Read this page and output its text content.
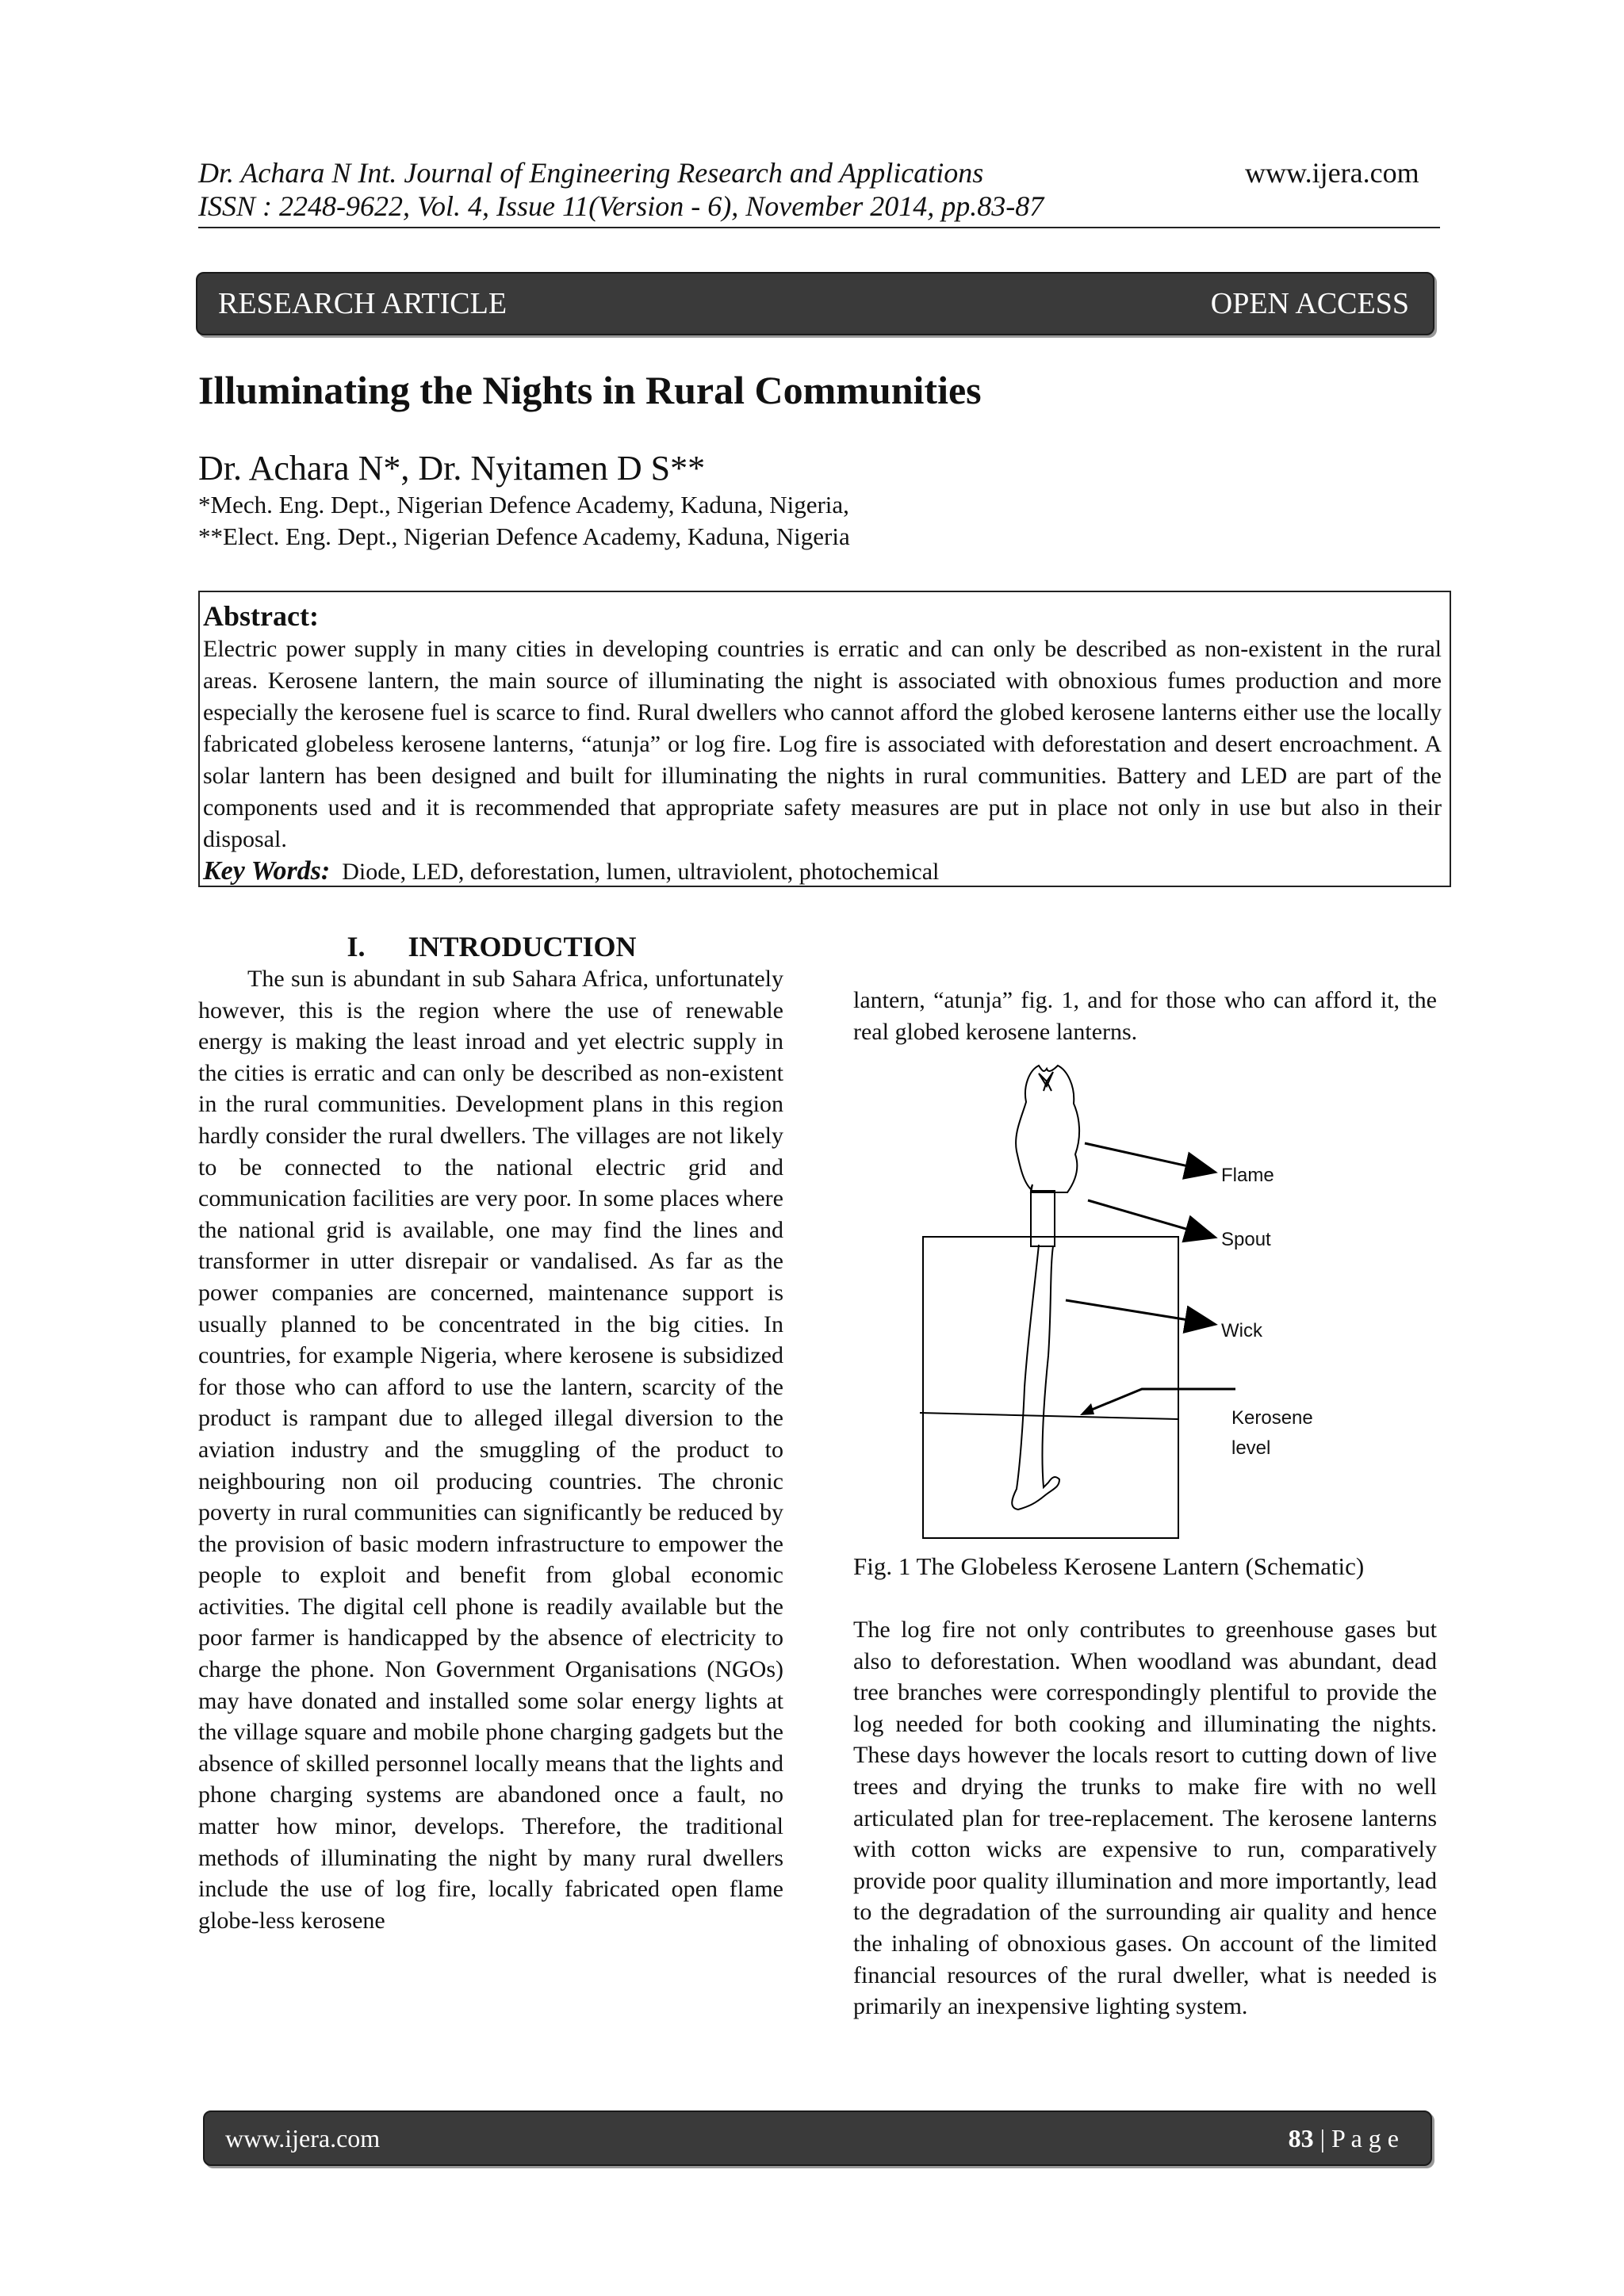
Dr. Achara N Int. Journal of Engineering Research and Applications	www.ijera.com
ISSN : 2248-9622, Vol. 4, Issue 11(Version - 6), November 2014, pp.83-87
RESEARCH ARTICLE	OPEN ACCESS
Illuminating the Nights in Rural Communities
Dr. Achara N*, Dr. Nyitamen D S**
*Mech. Eng. Dept., Nigerian Defence Academy, Kaduna, Nigeria,
**Elect. Eng. Dept., Nigerian Defence Academy, Kaduna, Nigeria
Abstract:

Electric power supply in many cities in developing countries is erratic and can only be described as non-existent in the rural areas. Kerosene lantern, the main source of illuminating the night is associated with obnoxious fumes production and more especially the kerosene fuel is scarce to find. Rural dwellers who cannot afford the globed kerosene lanterns either use the locally fabricated globeless kerosene lanterns, “atunja” or log fire. Log fire is associated with deforestation and desert encroachment. A solar lantern has been designed and built for illuminating the nights in rural communities. Battery and LED are part of the components used and it is recommended that appropriate safety measures are put in place not only in use but also in their disposal.

Key Words: Diode, LED, deforestation, lumen, ultraviolent, photochemical
I.      INTRODUCTION

The sun is abundant in sub Sahara Africa, unfortunately however, this is the region where the use of renewable energy is making the least inroad and yet electric supply in the cities is erratic and can only be described as non-existent in the rural communities. Development plans in this region hardly consider the rural dwellers. The villages are not likely to be connected to the national electric grid and communication facilities are very poor. In some places where the national grid is available, one may find the lines and transformer in utter disrepair or vandalised. As far as the power companies are concerned, maintenance support is usually planned to be concentrated in the big cities. In countries, for example Nigeria, where kerosene is subsidized for those who can afford to use the lantern, scarcity of the product is rampant due to alleged illegal diversion to the aviation industry and the smuggling of the product to neighbouring non oil producing countries. The chronic poverty in rural communities can significantly be reduced by the provision of basic modern infrastructure to empower the people to exploit and benefit from global economic activities. The digital cell phone is readily available but the poor farmer is handicapped by the absence of electricity to charge the phone. Non Government Organisations (NGOs) may have donated and installed some solar energy lights at the village square and mobile phone charging gadgets but the absence of skilled personnel locally means that the lights and phone charging systems are abandoned once a fault, no matter how minor, develops. Therefore, the traditional methods of illuminating the night by many rural dwellers include the use of log fire, locally fabricated open flame globe-less kerosene

lantern, “atunja” fig. 1, and for those who can afford it, the real globed kerosene lanterns.

Flame
Spout
Wick
Kerosene
level
Fig. 1 The Globeless Kerosene Lantern (Schematic)

The log fire not only contributes to greenhouse gases but also to deforestation. When woodland was abundant, dead tree branches were correspondingly plentiful to provide the log needed for both cooking and illuminating the nights. These days however the locals resort to cutting down of live trees and drying the trunks to make fire with no well articulated plan for tree-replacement. The kerosene lanterns with cotton wicks are expensive to run, comparatively provide poor quality illumination and more importantly, lead to the degradation of the surrounding air quality and hence the inhaling of obnoxious gases. On account of the limited financial resources of the rural dweller, what is needed is primarily an inexpensive lighting system.

www.ijera.com	83 | P a g e
